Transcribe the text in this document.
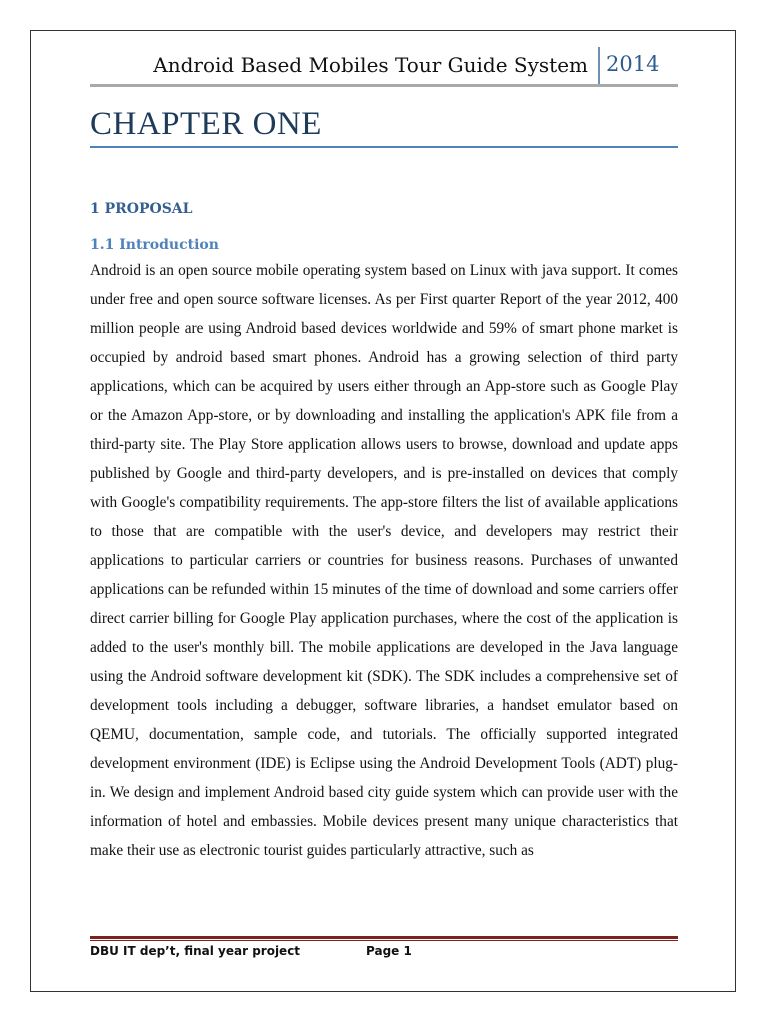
Android Based Mobiles Tour Guide System 2014
CHAPTER ONE
1 PROPOSAL
1.1 Introduction

Android is an open source mobile operating system based on Linux with java support. It comes under free and open source software licenses. As per First quarter Report of the year 2012, 400 million people are using Android based devices worldwide and 59% of smart phone market is occupied by android based smart phones. Android has a growing selection of third party applications, which can be acquired by users either through an App-store such as Google Play or the Amazon App-store, or by downloading and installing the application's APK file from a third-party site. The Play Store application allows users to browse, download and update apps published by Google and third-party developers, and is pre-installed on devices that comply with Google's compatibility requirements. The app-store filters the list of available applications to those that are compatible with the user's device, and developers may restrict their applications to particular carriers or countries for business reasons. Purchases of unwanted applications can be refunded within 15 minutes of the time of download and some carriers offer direct carrier billing for Google Play application purchases, where the cost of the application is added to the user's monthly bill. The mobile applications are developed in the Java language using the Android software development kit (SDK). The SDK includes a comprehensive set of development tools including a debugger, software libraries, a handset emulator based on QEMU, documentation, sample code, and tutorials. The officially supported integrated development environment (IDE) is Eclipse using the Android Development Tools (ADT) plug-in. We design and implement Android based city guide system which can provide user with the information of hotel and embassies. Mobile devices present many unique characteristics that make their use as electronic tourist guides particularly attractive, such as

DBU IT dep’t, final year project	Page 1
